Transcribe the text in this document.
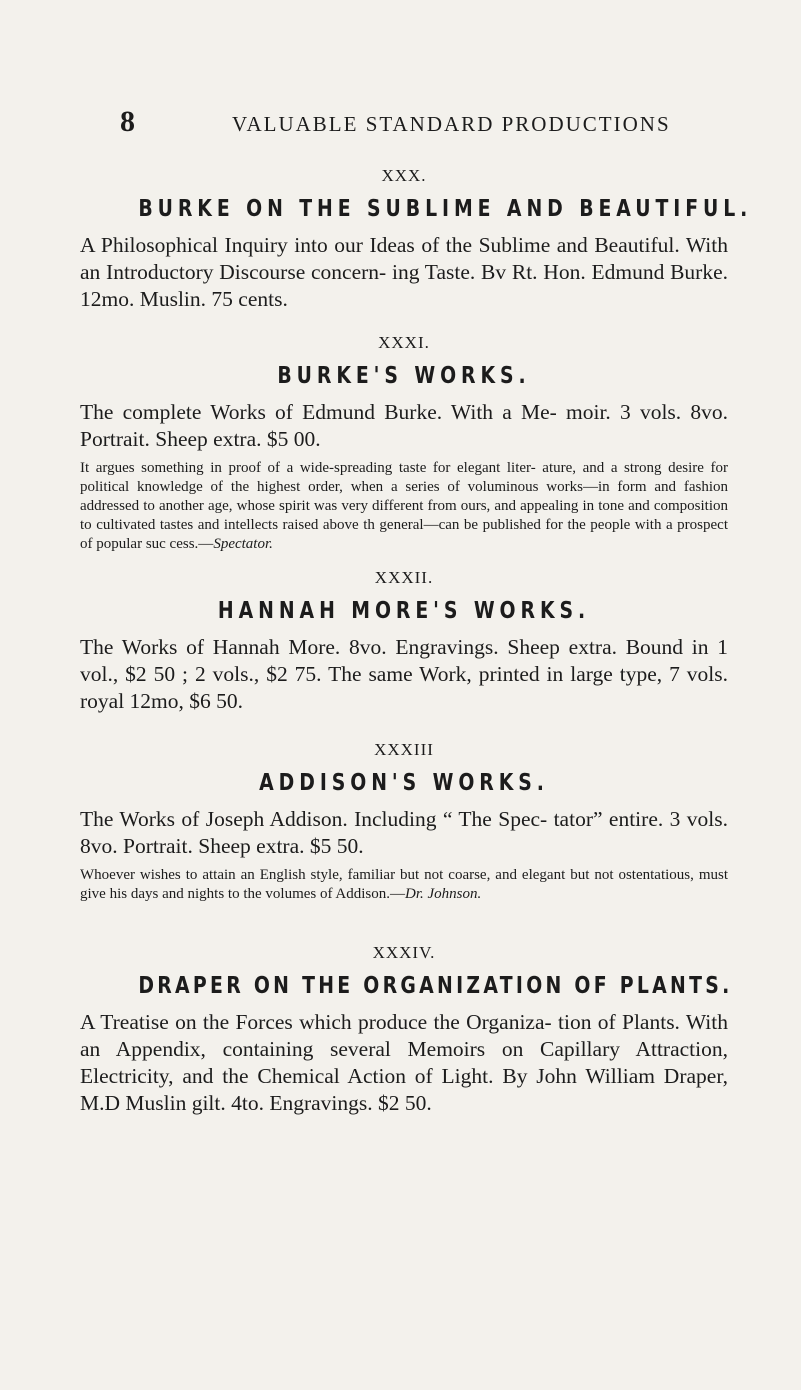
8	VALUABLE STANDARD PRODUCTIONS
XXX.
BURKE ON THE SUBLIME AND BEAUTIFUL.

A Philosophical Inquiry into our Ideas of the Sublime and Beautiful. With an Introductory Discourse concern- ing Taste. Bv Rt. Hon. Edmund Burke. 12mo. Muslin. 75 cents.

XXXI.
BURKE'S WORKS.

The complete Works of Edmund Burke. With a Me- moir. 3 vols. 8vo. Portrait. Sheep extra. $5 00.

It argues something in proof of a wide-spreading taste for elegant liter- ature, and a strong desire for political knowledge of the highest order, when a series of voluminous works—in form and fashion addressed to another age, whose spirit was very different from ours, and appealing in tone and composition to cultivated tastes and intellects raised above th general—can be published for the people with a prospect of popular suc cess.—Spectator.

XXXII.
HANNAH MORE'S WORKS.

The Works of Hannah More. 8vo. Engravings. Sheep extra. Bound in 1 vol., $2 50 ; 2 vols., $2 75. The same Work, printed in large type, 7 vols. royal 12mo, $6 50.

XXXIII
ADDISON'S WORKS.

The Works of Joseph Addison. Including “ The Spec- tator” entire. 3 vols. 8vo. Portrait. Sheep extra. $5 50.

Whoever wishes to attain an English style, familiar but not coarse, and elegant but not ostentatious, must give his days and nights to the volumes of Addison.—Dr. Johnson.

XXXIV.
DRAPER ON THE ORGANIZATION OF PLANTS.

A Treatise on the Forces which produce the Organiza- tion of Plants. With an Appendix, containing several Memoirs on Capillary Attraction, Electricity, and the Chemical Action of Light. By John William Draper, M.D Muslin gilt. 4to. Engravings. $2 50.
